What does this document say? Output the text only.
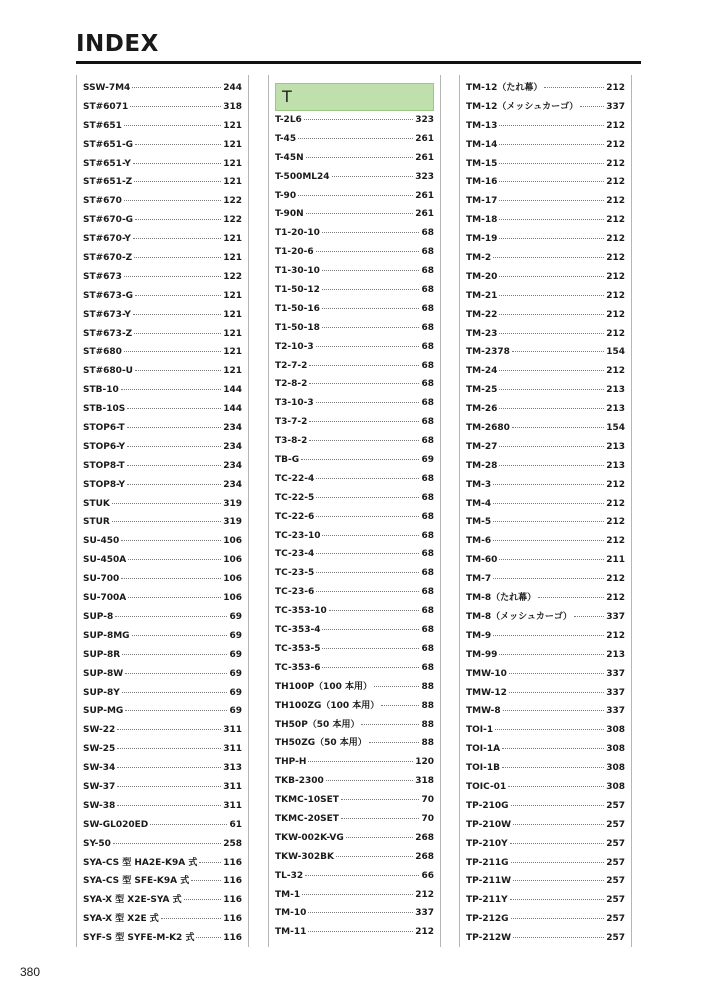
INDEX
SSW-7M4	244
ST#6071	318
ST#651	121
ST#651-G	121
ST#651-Y	121
ST#651-Z	121
ST#670	122
ST#670-G	122
ST#670-Y	121
ST#670-Z	121
ST#673	122
ST#673-G	121
ST#673-Y	121
ST#673-Z	121
ST#680	121
ST#680-U	121
STB-10	144
STB-10S	144
STOP6-T	234
STOP6-Y	234
STOP8-T	234
STOP8-Y	234
STUK	319
STUR	319
SU-450	106
SU-450A	106
SU-700	106
SU-700A	106
SUP-8	69
SUP-8MG	69
SUP-8R	69
SUP-8W	69
SUP-8Y	69
SUP-MG	69
SW-22	311
SW-25	311
SW-34	313
SW-37	311
SW-38	311
SW-GL020ED	61
SY-50	258
SYA-CS 型 HA2E-K9A 式	116
SYA-CS 型 SFE-K9A 式	116
SYA-X 型 X2E-SYA 式	116
SYA-X 型 X2E 式	116
SYF-S 型 SYFE-M-K2 式	116
T
T-2L6	323
T-45	261
T-45N	261
T-500ML24	323
T-90	261
T-90N	261
T1-20-10	68
T1-20-6	68
T1-30-10	68
T1-50-12	68
T1-50-16	68
T1-50-18	68
T2-10-3	68
T2-7-2	68
T2-8-2	68
T3-10-3	68
T3-7-2	68
T3-8-2	68
TB-G	69
TC-22-4	68
TC-22-5	68
TC-22-6	68
TC-23-10	68
TC-23-4	68
TC-23-5	68
TC-23-6	68
TC-353-10	68
TC-353-4	68
TC-353-5	68
TC-353-6	68
TH100P（100 本用）	88
TH100ZG（100 本用）	88
TH50P（50 本用）	88
TH50ZG（50 本用）	88
THP-H	120
TKB-2300	318
TKMC-10SET	70
TKMC-20SET	70
TKW-002K-VG	268
TKW-302BK	268
TL-32	66
TM-1	212
TM-10	337
TM-11	212
TM-12（たれ幕）	212
TM-12（メッシュカーゴ）	337
TM-13	212
TM-14	212
TM-15	212
TM-16	212
TM-17	212
TM-18	212
TM-19	212
TM-2	212
TM-20	212
TM-21	212
TM-22	212
TM-23	212
TM-2378	154
TM-24	212
TM-25	213
TM-26	213
TM-2680	154
TM-27	213
TM-28	213
TM-3	212
TM-4	212
TM-5	212
TM-6	212
TM-60	211
TM-7	212
TM-8（たれ幕）	212
TM-8（メッシュカーゴ）	337
TM-9	212
TM-99	213
TMW-10	337
TMW-12	337
TMW-8	337
TOI-1	308
TOI-1A	308
TOI-1B	308
TOIC-01	308
TP-210G	257
TP-210W	257
TP-210Y	257
TP-211G	257
TP-211W	257
TP-211Y	257
TP-212G	257
TP-212W	257
380
